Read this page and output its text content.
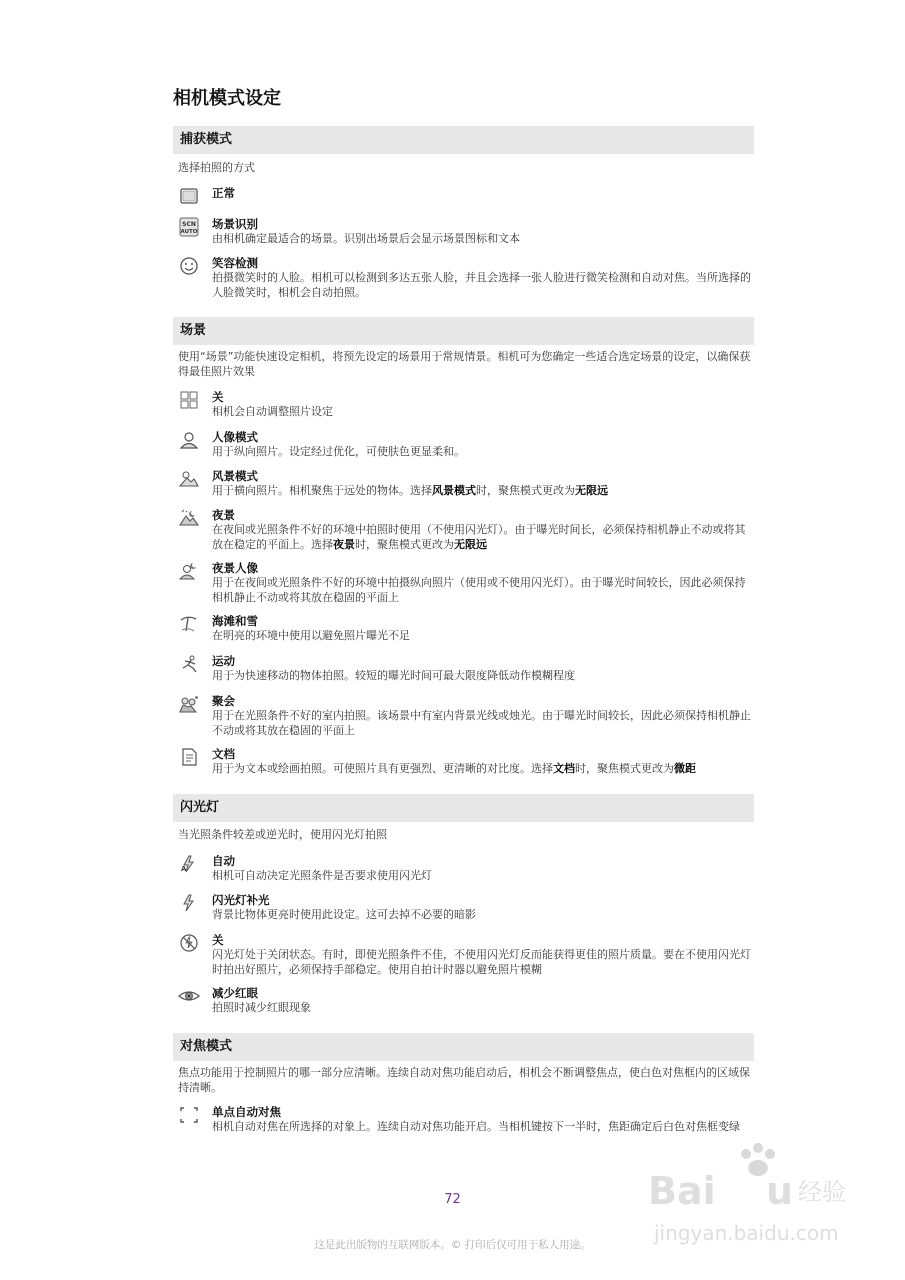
相机模式设定
捕获模式
选择拍照的方式
正常
SCN
AUTO
场景识别
由相机确定最适合的场景。识别出场景后会显示场景图标和文本
笑容检测
拍摄微笑时的人脸。相机可以检测到多达五张人脸，并且会选择一张人脸进行微笑检测和自动对焦。当所选择的人脸微笑时，相机会自动拍照。
场景
使用“场景”功能快速设定相机，将预先设定的场景用于常规情景。相机可为您确定一些适合选定场景的设定，以确保获得最佳照片效果
关
相机会自动调整照片设定
人像模式
用于纵向照片。设定经过优化，可使肤色更显柔和。
风景模式
用于横向照片。相机聚焦于远处的物体。选择风景模式时，聚焦模式更改为无限远
夜景
在夜间或光照条件不好的环境中拍照时使用（不使用闪光灯）。由于曝光时间长，必须保持相机静止不动或将其放在稳定的平面上。选择夜景时，聚焦模式更改为无限远
夜景人像
用于在夜间或光照条件不好的环境中拍摄纵向照片（使用或不使用闪光灯）。由于曝光时间较长，因此必须保持相机静止不动或将其放在稳固的平面上
海滩和雪
在明亮的环境中使用以避免照片曝光不足
运动
用于为快速移动的物体拍照。较短的曝光时间可最大限度降低动作模糊程度
聚会
用于在光照条件不好的室内拍照。该场景中有室内背景光线或烛光。由于曝光时间较长，因此必须保持相机静止不动或将其放在稳固的平面上
文档
用于为文本或绘画拍照。可使照片具有更强烈、更清晰的对比度。选择文档时，聚焦模式更改为微距
闪光灯
当光照条件较差或逆光时，使用闪光灯拍照
A
自动
相机可自动决定光照条件是否要求使用闪光灯
闪光灯补光
背景比物体更亮时使用此设定。这可去掉不必要的暗影
关
闪光灯处于关闭状态。有时，即使光照条件不佳，不使用闪光灯反而能获得更佳的照片质量。要在不使用闪光灯时拍出好照片，必须保持手部稳定。使用自拍计时器以避免照片模糊
减少红眼
拍照时减少红眼现象
对焦模式
焦点功能用于控制照片的哪一部分应清晰。连续自动对焦功能启动后，相机会不断调整焦点，使白色对焦框内的区域保持清晰。
单点自动对焦
相机自动对焦在所选择的对象上。连续自动对焦功能开启。当相机键按下一半时，焦距确定后白色对焦框变绿
72
这是此出版物的互联网版本。© 打印后仅可用于私人用途。
Bai u 经验
jingyan.baidu.com
